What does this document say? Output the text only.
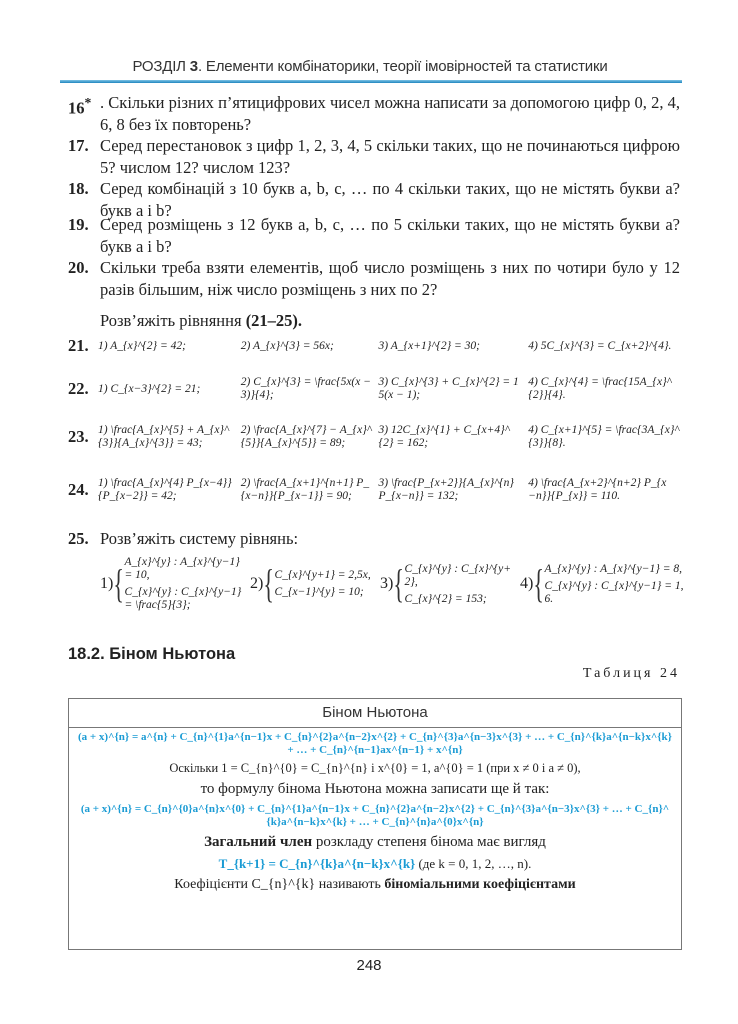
РОЗДІЛ 3. Елементи комбінаторики, теорії імовірностей та статистики
16* . Скільки різних п’ятицифрових чисел можна написати за допомогою цифр 0, 2, 4, 6, 8 без їх повторень?
17. Серед перестановок з цифр 1, 2, 3, 4, 5 скільки таких, що не починаються цифрою 5? числом 12? числом 123?
18. Серед комбінацій з 10 букв a, b, c, … по 4 скільки таких, що не містять букви a? букв a і b?
19. Серед розміщень з 12 букв a, b, c, … по 5 скільки таких, що не містять букви a? букв a і b?
20. Скільки треба взяти елементів, щоб число розміщень з них по чотири було у 12 разів більшим, ніж число розміщень з них по 2?
Розв’яжіть рівняння (21–25).
21. 1) A_{x}^{2} = 42;	2) A_{x}^{3} = 56x;	3) A_{x+1}^{2} = 30;	4) 5C_{x}^{3} = C_{x+2}^{4}.
22. 1) C_{x−3}^{2} = 21;
2) C_{x}^{3} = \frac{5x(x − 3)}{4};
3) C_{x}^{3} + C_{x}^{2} = 15(x − 1);
4) C_{x}^{4} = \frac{15A_{x}^{2}}{4}.
23. 1) \frac{A_{x}^{5} + A_{x}^{3}}{A_{x}^{3}} = 43;
2) \frac{A_{x}^{7} − A_{x}^{5}}{A_{x}^{5}} = 89;
3) 12C_{x}^{1} + C_{x+4}^{2} = 162;
4) C_{x+1}^{5} = \frac{3A_{x}^{3}}{8}.
24. 1) \frac{A_{x}^{4} P_{x−4}}{P_{x−2}} = 42;
2) \frac{A_{x+1}^{n+1} P_{x−n}}{P_{x−1}} = 90;
3) \frac{P_{x+2}}{A_{x}^{n} P_{x−n}} = 132;
4) \frac{A_{x+2}^{n+2} P_{x−n}}{P_{x}} = 110.
25. Розв’яжіть систему рівнянь:
1) { A_{x}^{y} : A_{x}^{y−1} = 10,
C_{x}^{y} : C_{x}^{y−1} = \frac{5}{3};
2) { C_{x}^{y+1} = 2,5x,
C_{x−1}^{y} = 10;	3) { C_{x}^{y} : C_{x}^{y+2},
C_{x}^{2} = 153;
4) { A_{x}^{y} : A_{x}^{y−1} = 8,
C_{x}^{y} : C_{x}^{y−1} = 1,6.
18.2. Біном Ньютона
Таблиця 24
Біном Ньютона
(a + x)^{n} = a^{n} + C_{n}^{1}a^{n−1}x + C_{n}^{2}a^{n−2}x^{2} + C_{n}^{3}a^{n−3}x^{3} + … + C_{n}^{k}a^{n−k}x^{k} + … + C_{n}^{n−1}ax^{n−1} + x^{n}
Оскільки 1 = C_{n}^{0} = C_{n}^{n} і x^{0} = 1, a^{0} = 1 (при x ≠ 0 і a ≠ 0),
то формулу бінома Ньютона можна записати ще й так:
(a + x)^{n} = C_{n}^{0}a^{n}x^{0} + C_{n}^{1}a^{n−1}x + C_{n}^{2}a^{n−2}x^{2} + C_{n}^{3}a^{n−3}x^{3} + … + C_{n}^{k}a^{n−k}x^{k} + … + C_{n}^{n}a^{0}x^{n}
Загальний член розкладу степеня бінома має вигляд
T_{k+1} = C_{n}^{k}a^{n−k}x^{k} (де k = 0, 1, 2, …, n).
Коефіцієнти C_{n}^{k} називають біноміальними коефіцієнтами
248
